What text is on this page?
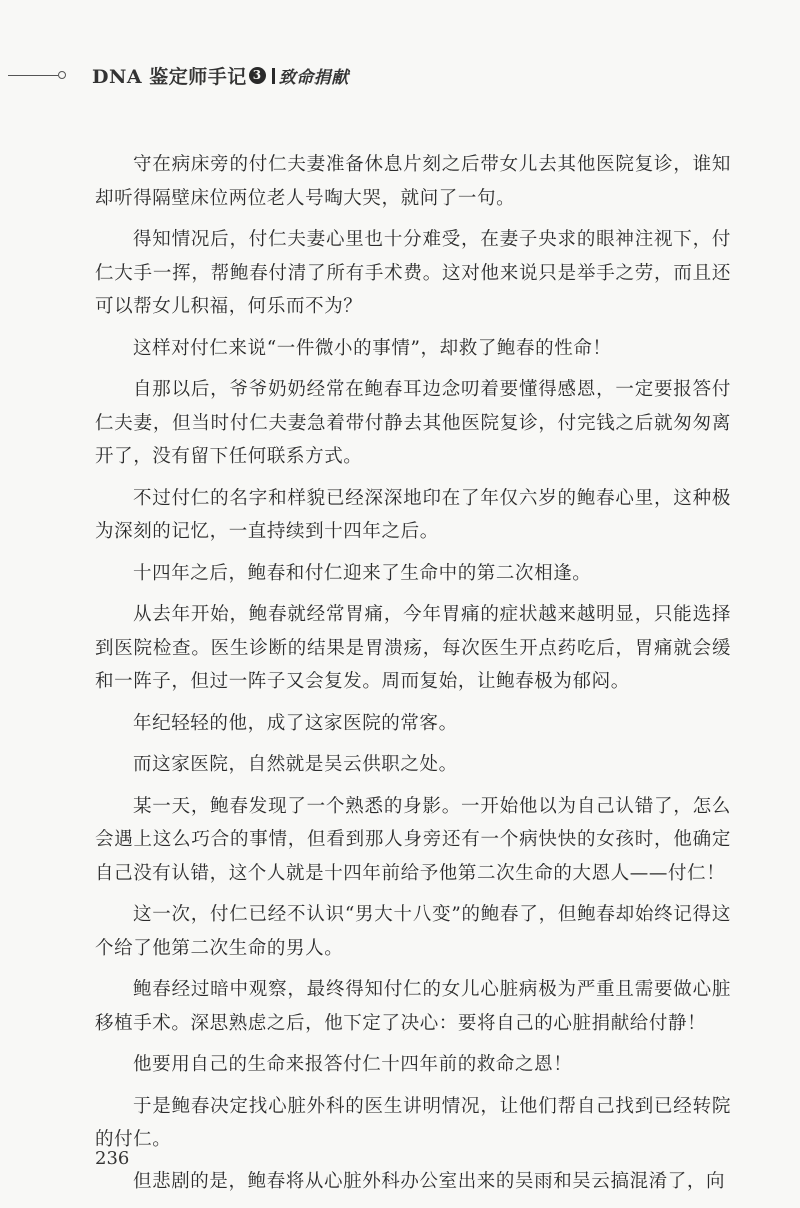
DNA 鉴定师手记 3 致命捐献

守在病床旁的付仁夫妻准备休息片刻之后带女儿去其他医院复诊，谁知却听得隔壁床位两位老人号啕大哭，就问了一句。

得知情况后，付仁夫妻心里也十分难受，在妻子央求的眼神注视下，付仁大手一挥，帮鲍春付清了所有手术费。这对他来说只是举手之劳，而且还可以帮女儿积福，何乐而不为？

这样对付仁来说“一件微小的事情”，却救了鲍春的性命！

自那以后，爷爷奶奶经常在鲍春耳边念叨着要懂得感恩，一定要报答付仁夫妻，但当时付仁夫妻急着带付静去其他医院复诊，付完钱之后就匆匆离开了，没有留下任何联系方式。

不过付仁的名字和样貌已经深深地印在了年仅六岁的鲍春心里，这种极为深刻的记忆，一直持续到十四年之后。

十四年之后，鲍春和付仁迎来了生命中的第二次相逢。

从去年开始，鲍春就经常胃痛，今年胃痛的症状越来越明显，只能选择到医院检查。医生诊断的结果是胃溃疡，每次医生开点药吃后，胃痛就会缓和一阵子，但过一阵子又会复发。周而复始，让鲍春极为郁闷。

年纪轻轻的他，成了这家医院的常客。

而这家医院，自然就是吴云供职之处。

某一天，鲍春发现了一个熟悉的身影。一开始他以为自己认错了，怎么会遇上这么巧合的事情，但看到那人身旁还有一个病快快的女孩时，他确定自己没有认错，这个人就是十四年前给予他第二次生命的大恩人——付仁！

这一次，付仁已经不认识“男大十八变”的鲍春了，但鲍春却始终记得这个给了他第二次生命的男人。

鲍春经过暗中观察，最终得知付仁的女儿心脏病极为严重且需要做心脏移植手术。深思熟虑之后，他下定了决心：要将自己的心脏捐献给付静！

他要用自己的生命来报答付仁十四年前的救命之恩！

于是鲍春决定找心脏外科的医生讲明情况，让他们帮自己找到已经转院的付仁。

但悲剧的是，鲍春将从心脏外科办公室出来的吴雨和吴云搞混淆了，向

236
